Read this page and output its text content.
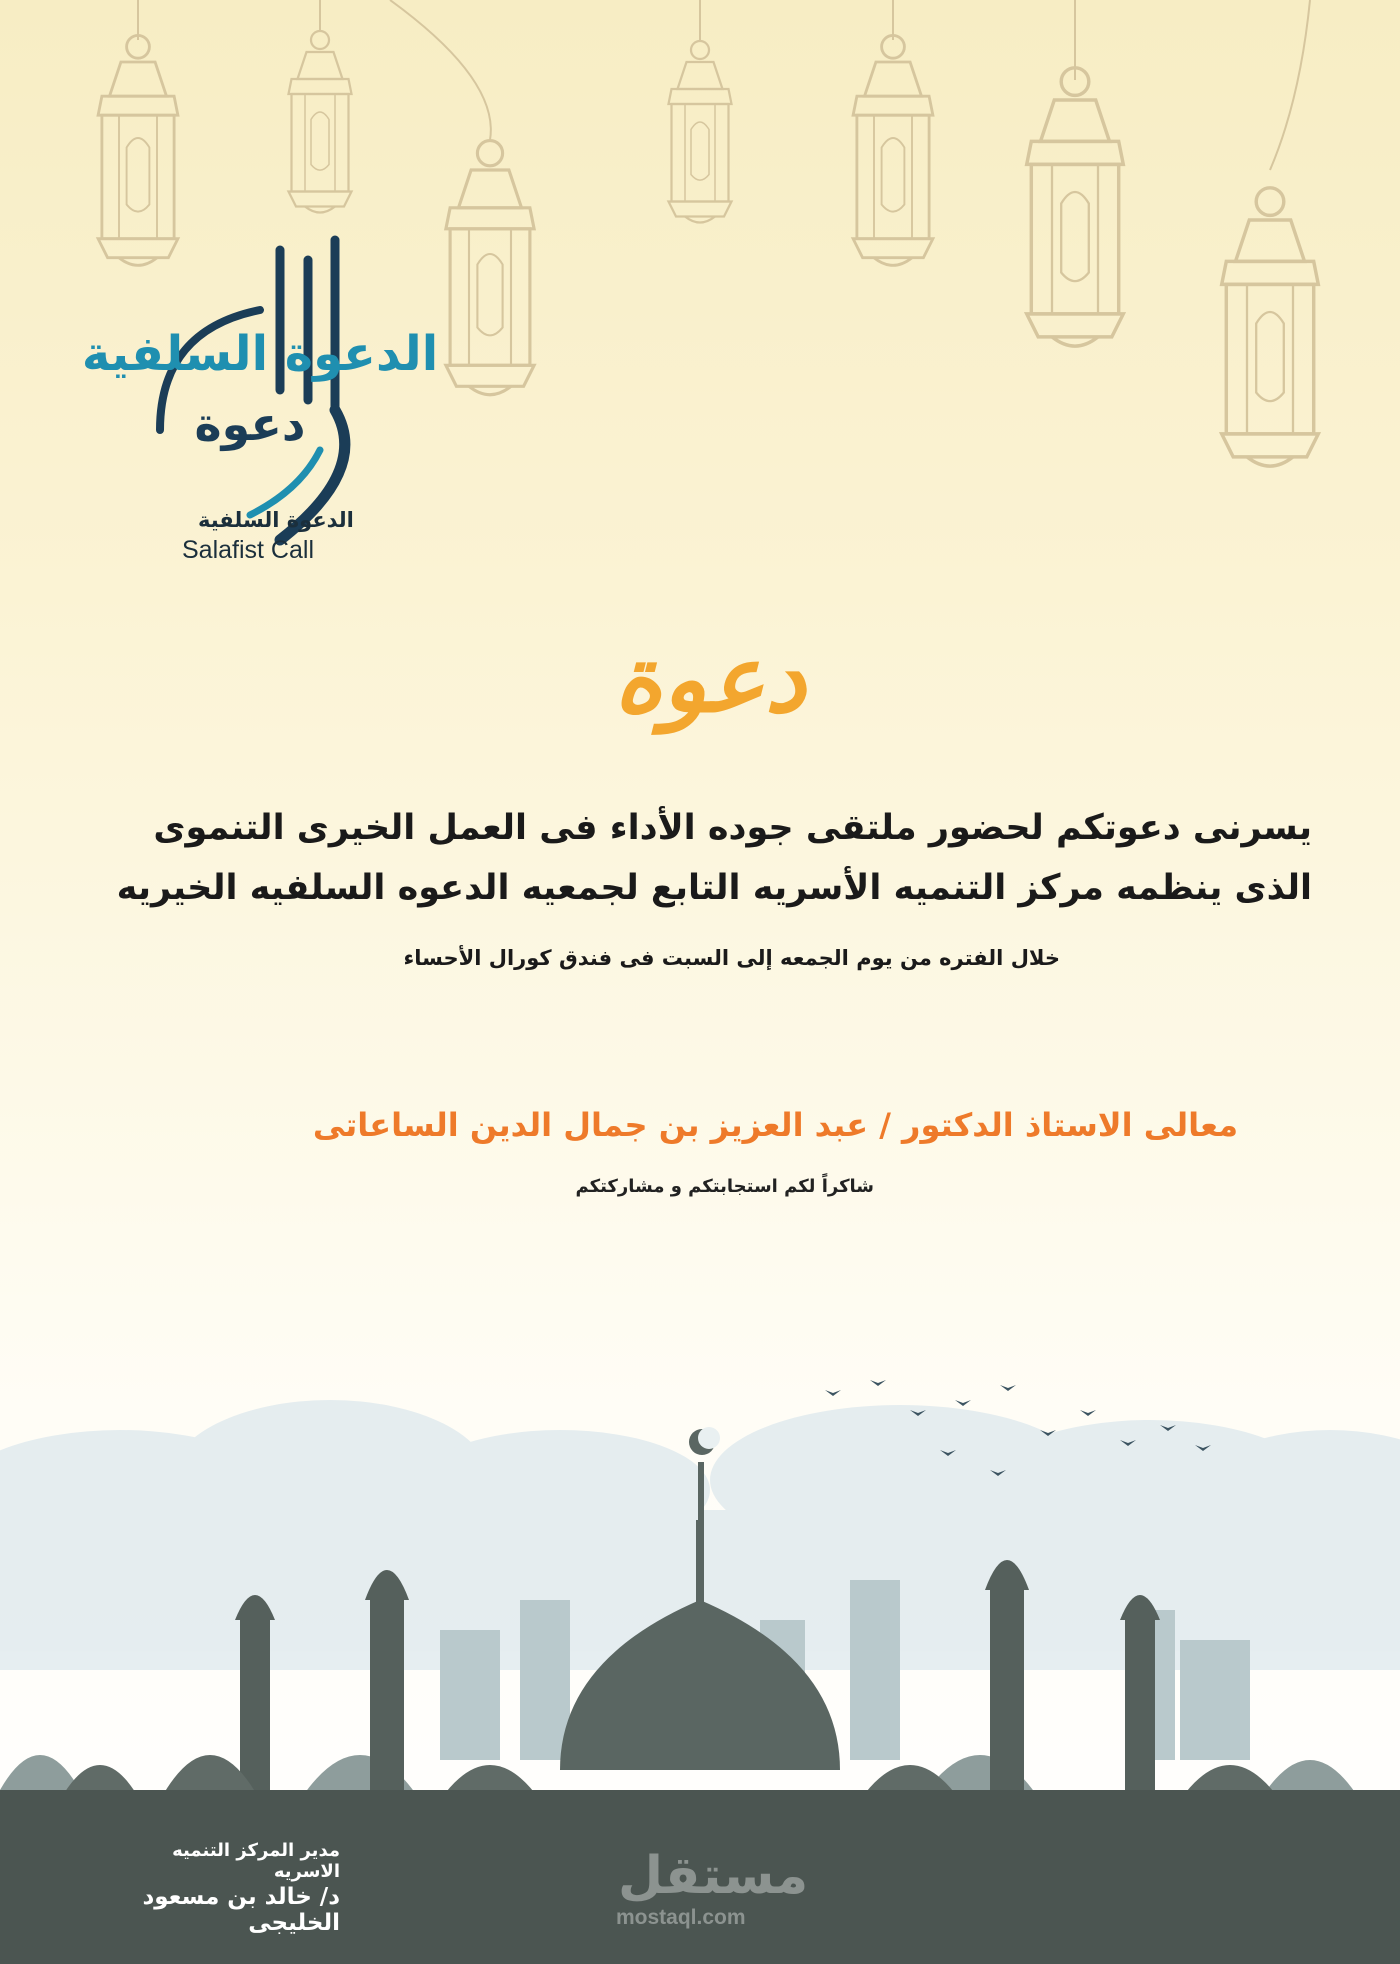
الدعوة السلفية
دعوة
الدعوة السلفية
Salafist Call
دعوة
يسرنى دعوتكم لحضور ملتقى جوده الأداء فى العمل الخيرى التنموى
الذى ينظمه مركز التنميه الأسريه التابع لجمعيه الدعوه السلفيه الخيريه
خلال الفتره من يوم الجمعه إلى السبت فى فندق كورال الأحساء
معالى الاستاذ الدكتور / عبد العزيز بن جمال الدين الساعاتى
شاكراً لكم استجابتكم و مشاركتكم
مدير المركز التنميه الاسريه
د/ خالد بن مسعود الخليجى
مستقل
mostaql.com
